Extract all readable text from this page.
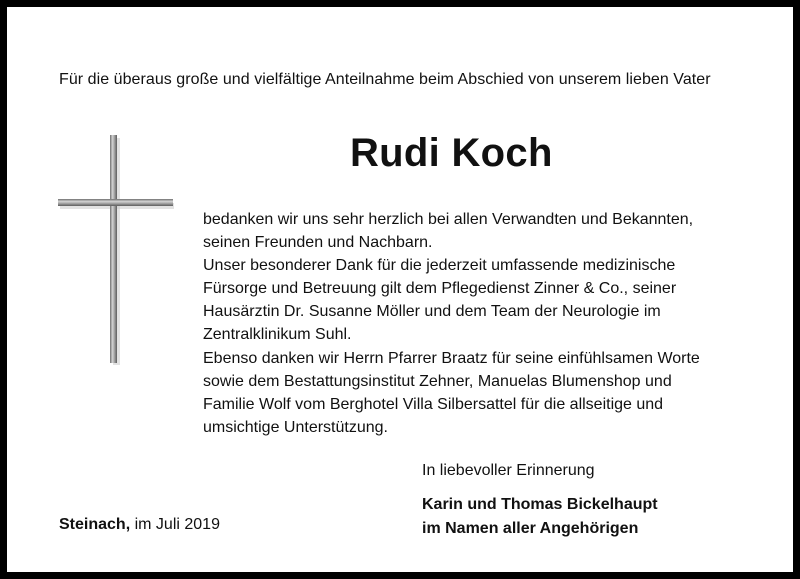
Für die überaus große und vielfältige Anteilnahme beim Abschied von unserem lieben Vater
Rudi Koch
bedanken wir uns sehr herzlich bei allen Verwandten und Bekannten,
seinen Freunden und Nachbarn.
Unser besonderer Dank für die jederzeit umfassende medizinische
Fürsorge und Betreuung gilt dem Pflegedienst Zinner & Co., seiner
Hausärztin Dr. Susanne Möller und dem Team der Neurologie im
Zentralklinikum Suhl.
Ebenso danken wir Herrn Pfarrer Braatz für seine einfühlsamen Worte
sowie dem Bestattungsinstitut Zehner, Manuelas Blumenshop und
Familie Wolf vom Berghotel Villa Silbersattel für die allseitige und
umsichtige Unterstützung.
In liebevoller Erinnerung
Karin und Thomas Bickelhaupt
im Namen aller Angehörigen
Steinach, im Juli 2019
